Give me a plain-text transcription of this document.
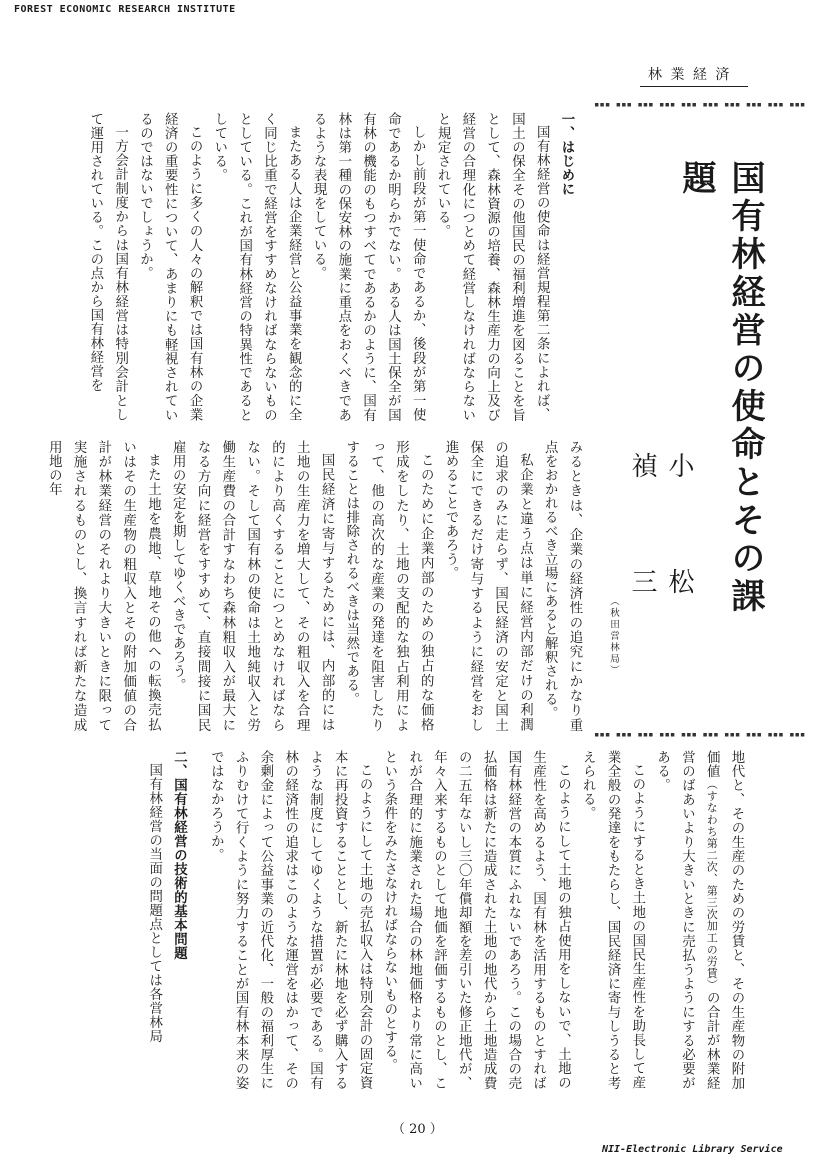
FOREST ECONOMIC RESEARCH INSTITUTE
林 業 経 済
▪▪▪ ▪▪▪ ▪▪▪ ▪▪▪ ▪▪▪ ▪▪▪ ▪▪▪ ▪▪▪ ▪▪▪ ▪▪▪
▪▪▪ ▪▪▪ ▪▪▪ ▪▪▪ ▪▪▪ ▪▪▪ ▪▪▪ ▪▪▪ ▪▪▪ ▪▪▪
国有林経営の使命とその課題
小 松 禎 三
（秋田営林局）

一、はじめに

国有林経営の使命は経営規程第二条によれば、国土の保全その他国民の福利増進を図ることを旨として、森林資源の培養、森林生産力の向上及び経営の合理化につとめて経営しなければならないと規定されている。

しかし前段が第一使命であるか、後段が第一使命であるか明らかでない。ある人は国土保全が国有林の機能のもつすべてであるかのように、国有林は第一種の保安林の施業に重点をおくべきであるような表現をしている。

またある人は企業経営と公益事業を観念的に全く同じ比重で経営をすすめなければならないものとしている。これが国有林経営の特異性であるとしている。

このように多くの人々の解釈では国有林の企業経済の重要性について、あまりにも軽視されているのではないでしょうか。

一方会計制度からは国有林経営は特別会計として運用されている。この点から国有林経営を

みるときは、企業の経済性の追究にかなり重点をおかれるべき立場にあると解釈される。

私企業と違う点は単に経営内部だけの利潤の追求のみに走らず、国民経済の安定と国土保全にできるだけ寄与するように経営をおし進めることであろう。

このために企業内部のための独占的な価格形成をしたり、土地の支配的な独占利用によって、他の高次的な産業の発達を阻害したりすることは排除されるべきは当然である。

国民経済に寄与するためには、内部的には土地の生産力を増大して、その粗収入を合理的により高くすることにつとめなければならない。そして国有林の使命は土地純収入と労働生産費の合計すなわち森林粗収入が最大になる方向に経営をすすめて、直接間接に国民雇用の安定を期してゆくべきであろう。

また土地を農地、草地その他への転換売払いはその生産物の粗収入とその附加価値の合計が林業経営のそれより大きいときに限って実施されるものとし、換言すれば新たな造成用地の年

地代と、その生産のための労賃と、その生産物の附加価値（すなわち第二次、第三次加工の労賃）の合計が林業経営のばあいより大きいときに売払うようにする必要がある。

このようにするとき土地の国民生産性を助長して産業全般の発達をもたらし、国民経済に寄与しうると考えられる。

このようにして土地の独占使用をしないで、土地の生産性を高めるよう、国有林を活用するものとすれば国有林経営の本質にふれないであろう。この場合の売払価格は新たに造成された土地の地代から土地造成費の二五年ないし三〇年償却額を差引いた修正地代が、年々入来するものとして地価を評価するものとし、これが合理的に施業された場合の林地価格より常に高いという条件をみたさなければならないものとする。

このようにして土地の売払収入は特別会計の固定資本に再投資することとし、新たに林地を必ず購入するような制度にしてゆくような措置が必要である。国有林の経済性の追求はこのような運営をはかって、その余剰金によって公益事業の近代化、一般の福利厚生にふりむけて行くように努力することが国有林本来の姿ではなかろうか。

二、国有林経営の技術的基本問題

国有林経営の当面の問題点としては各営林局

（ 20 ）
NII-Electronic Library Service
